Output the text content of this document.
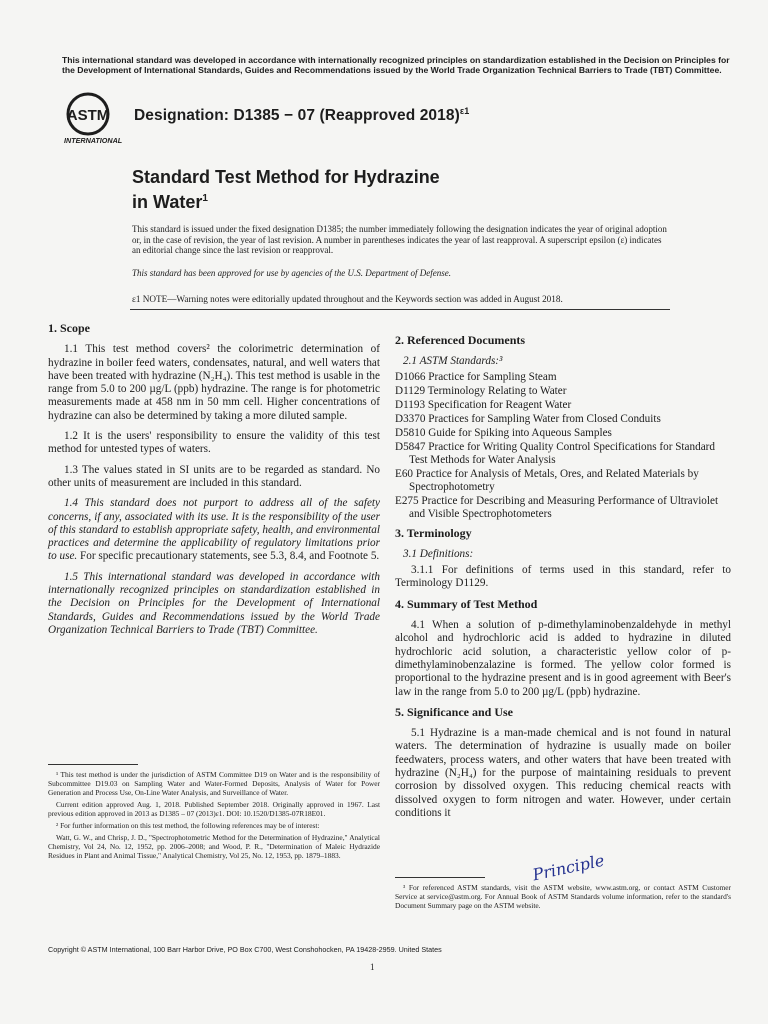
This international standard was developed in accordance with internationally recognized principles on standardization established in the Decision on Principles for the Development of International Standards, Guides and Recommendations issued by the World Trade Organization Technical Barriers to Trade (TBT) Committee.
ASTM
INTERNATIONAL
Designation: D1385 − 07 (Reapproved 2018)$^{\varepsilon 1}$
Standard Test Method for Hydrazine in Water$^1$
This standard is issued under the fixed designation D1385; the number immediately following the designation indicates the year of original adoption or, in the case of revision, the year of last revision. A number in parentheses indicates the year of last reapproval. A superscript epsilon (ε) indicates an editorial change since the last revision or reapproval.
This standard has been approved for use by agencies of the U.S. Department of Defense.
ε1 NOTE—Warning notes were editorially updated throughout and the Keywords section was added in August 2018.
1. Scope

1.1 This test method covers² the colorimetric determination of hydrazine in boiler feed waters, condensates, natural, and well waters that have been treated with hydrazine (N₂H₄). This test method is usable in the range from 5.0 to 200 µg/L (ppb) hydrazine. The range is for photometric measurements made at 458 nm in 50 mm cell. Higher concentrations of hydrazine can also be determined by taking a more diluted sample.

1.2 It is the users' responsibility to ensure the validity of this test method for untested types of waters.

1.3 The values stated in SI units are to be regarded as standard. No other units of measurement are included in this standard.

1.4 This standard does not purport to address all of the safety concerns, if any, associated with its use. It is the responsibility of the user of this standard to establish appropriate safety, health, and environmental practices and determine the applicability of regulatory limitations prior to use. For specific precautionary statements, see 5.3, 8.4, and Footnote 5.

1.5 This international standard was developed in accordance with internationally recognized principles on standardization established in the Decision on Principles for the Development of International Standards, Guides and Recommendations issued by the World Trade Organization Technical Barriers to Trade (TBT) Committee.

¹ This test method is under the jurisdiction of ASTM Committee D19 on Water and is the responsibility of Subcommittee D19.03 on Sampling Water and Water-Formed Deposits, Analysis of Water for Power Generation and Process Use, On-Line Water Analysis, and Surveillance of Water.

Current edition approved Aug. 1, 2018. Published September 2018. Originally approved in 1967. Last previous edition approved in 2013 as D1385 – 07 (2013)ε1. DOI: 10.1520/D1385-07R18E01.

² For further information on this test method, the following references may be of interest:

Watt, G. W., and Chrisp, J. D., "Spectrophotometric Method for the Determination of Hydrazine," Analytical Chemistry, Vol 24, No. 12, 1952, pp. 2006–2008; and Wood, P. R., "Determination of Maleic Hydrazide Residues in Plant and Animal Tissue," Analytical Chemistry, Vol 25, No. 12, 1953, pp. 1879–1883.

2. Referenced Documents
2.1 ASTM Standards:³
D1066 Practice for Sampling Steam
D1129 Terminology Relating to Water
D1193 Specification for Reagent Water
D3370 Practices for Sampling Water from Closed Conduits
D5810 Guide for Spiking into Aqueous Samples
D5847 Practice for Writing Quality Control Specifications for Standard Test Methods for Water Analysis
E60 Practice for Analysis of Metals, Ores, and Related Materials by Spectrophotometry
E275 Practice for Describing and Measuring Performance of Ultraviolet and Visible Spectrophotometers
3. Terminology
3.1 Definitions:

3.1.1 For definitions of terms used in this standard, refer to Terminology D1129.

4. Summary of Test Method

4.1 When a solution of p-dimethylaminobenzaldehyde in methyl alcohol and hydrochloric acid is added to hydrazine in diluted hydrochloric acid solution, a characteristic yellow color of p-dimethylaminobenzalazine is formed. The yellow color formed is proportional to the hydrazine present and is in good agreement with Beer's law in the range from 5.0 to 200 µg/L (ppb) hydrazine.

5. Significance and Use

5.1 Hydrazine is a man-made chemical and is not found in natural waters. The determination of hydrazine is usually made on boiler feedwaters, process waters, and other waters that have been treated with hydrazine (N₂H₄) for the purpose of maintaining residuals to prevent corrosion by dissolved oxygen. This reducing chemical reacts with dissolved oxygen to form nitrogen and water. However, under certain conditions it

Principle
³ For referenced ASTM standards, visit the ASTM website, www.astm.org, or contact ASTM Customer Service at service@astm.org. For Annual Book of ASTM Standards volume information, refer to the standard's Document Summary page on the ASTM website.
Copyright © ASTM International, 100 Barr Harbor Drive, PO Box C700, West Conshohocken, PA 19428-2959. United States
1
